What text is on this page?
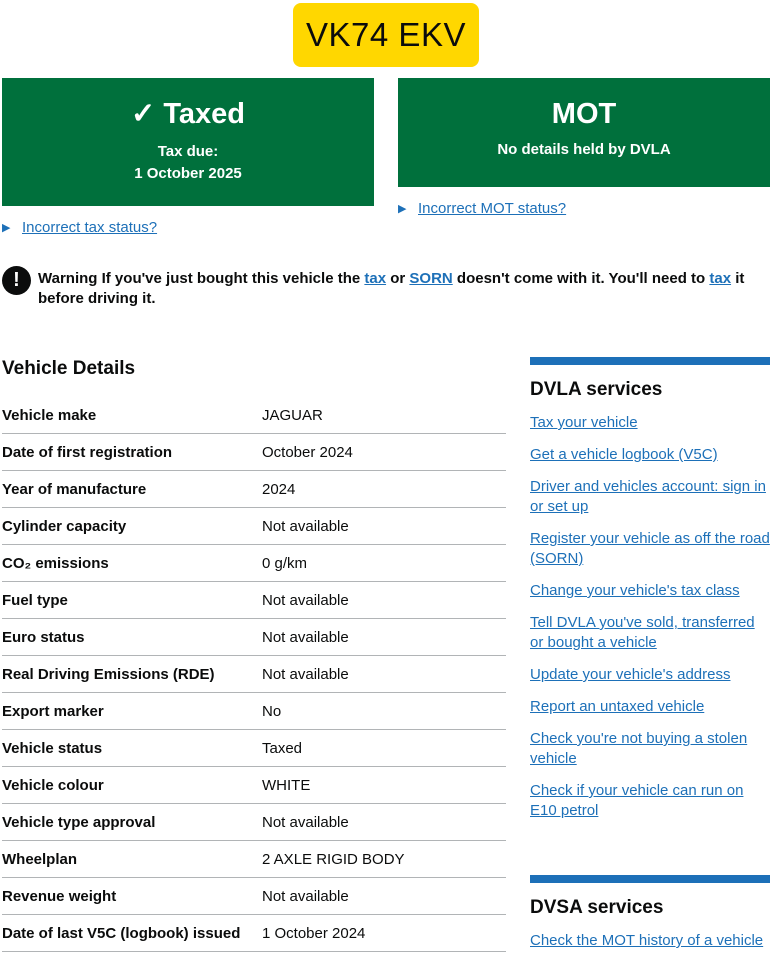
VK74 EKV
✓ Taxed
Tax due:
1 October 2025
MOT
No details held by DVLA
▶ Incorrect tax status?
▶ Incorrect MOT status?
!	Warning If you've just bought this vehicle the tax or SORN doesn't come with it. You'll need to tax it before driving it.
Vehicle Details
Vehicle make	JAGUAR
Date of first registration	October 2024
Year of manufacture	2024
Cylinder capacity	Not available
CO₂ emissions	0 g/km
Fuel type	Not available
Euro status	Not available
Real Driving Emissions (RDE)	Not available
Export marker	No
Vehicle status	Taxed
Vehicle colour	WHITE
Vehicle type approval	Not available
Wheelplan	2 AXLE RIGID BODY
Revenue weight	Not available
Date of last V5C (logbook) issued	1 October 2024
DVLA services
Tax your vehicle
Get a vehicle logbook (V5C)
Driver and vehicles account: sign in or set up
Register your vehicle as off the road (SORN)
Change your vehicle's tax class
Tell DVLA you've sold, transferred or bought a vehicle
Update your vehicle's address
Report an untaxed vehicle
Check you're not buying a stolen vehicle
Check if your vehicle can run on E10 petrol
DVSA services
Check the MOT history of a vehicle
